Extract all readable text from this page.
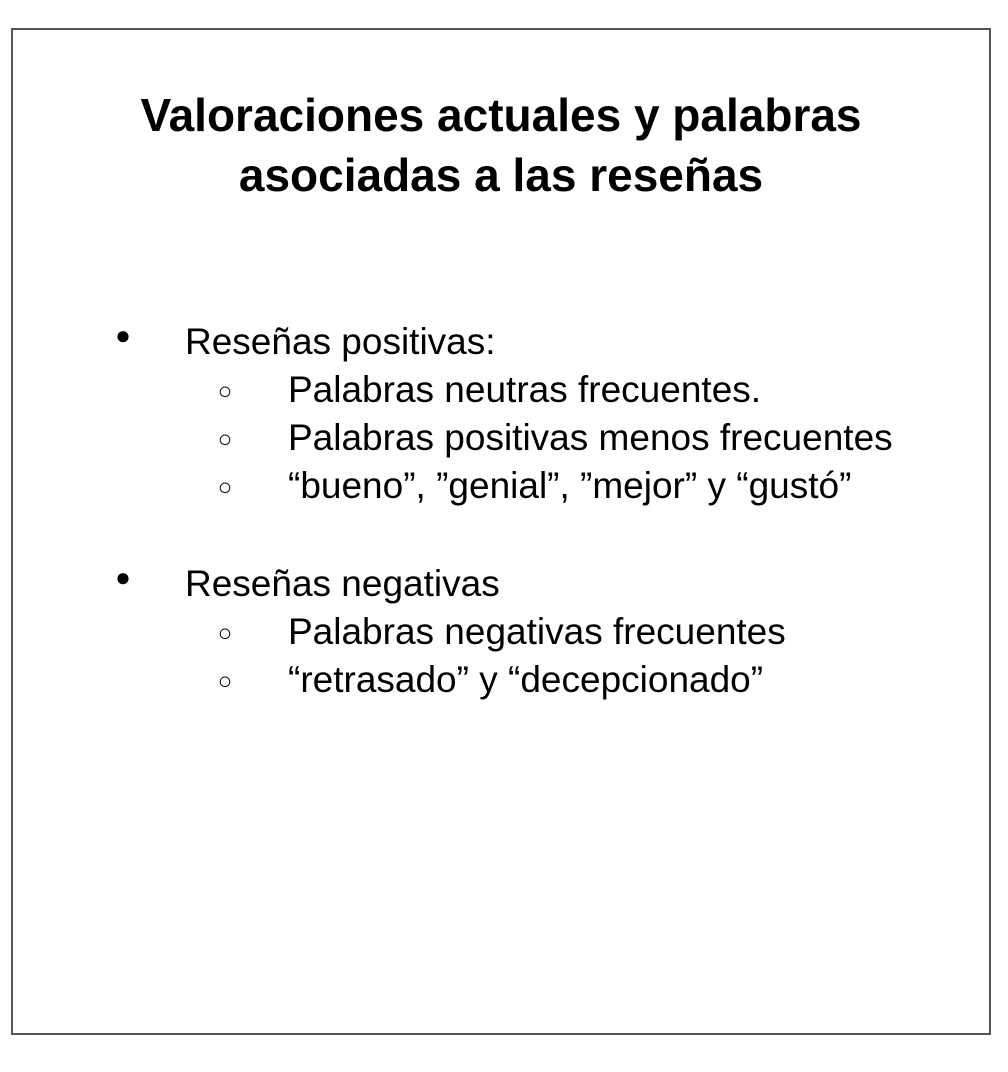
Valoraciones actuales y palabras
asociadas a las reseñas
● Reseñas positivas:
○ Palabras neutras frecuentes.
○ Palabras positivas menos frecuentes
○ “bueno”, ”genial”, ”mejor” y “gustó”
● Reseñas negativas
○ Palabras negativas frecuentes
○ “retrasado” y “decepcionado”
